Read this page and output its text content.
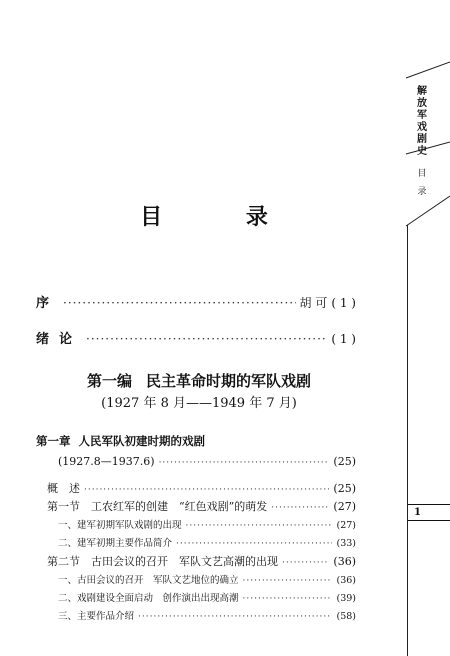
解放军戏剧史
目录
1
目 录
序 ·····	胡 可 ( 1 )
绪论 ·····	( 1 )
第一编 民主革命时期的军队戏剧
(1927 年 8 月——1949 年 7 月)
第一章 人民军队初建时期的戏剧
(1927.8—1937.6) ·····	(25)
概　述 ·····	(25)
第一节　工农红军的创建　“红色戏剧”的萌发 ·····	(27)
一、建军初期军队戏剧的出现 ·····	(27)
二、建军初期主要作品简介 ·····	(33)
第二节　古田会议的召开　军队文艺高潮的出现 ·····	(36)
一、古田会议的召开　军队文艺地位的确立 ·····	(36)
二、戏剧建设全面启动　创作演出出现高潮 ·····	(39)
三、主要作品介绍 ·····	(58)
